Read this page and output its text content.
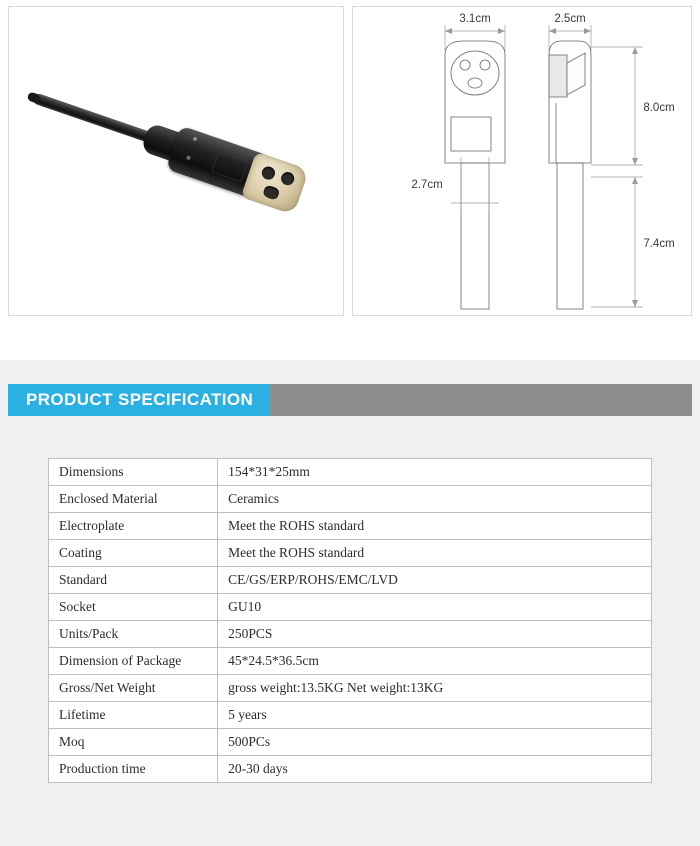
3.1cm	2.5cm
2.7cm
8.0cm
7.4cm
PRODUCT SPECIFICATION
Dimensions	154*31*25mm
Enclosed Material	Ceramics
Electroplate	Meet the ROHS standard
Coating	Meet the ROHS standard
Standard	CE/GS/ERP/ROHS/EMC/LVD
Socket	GU10
Units/Pack	250PCS
Dimension of Package	45*24.5*36.5cm
Gross/Net Weight	gross weight:13.5KG Net weight:13KG
Lifetime	5 years
Moq	500PCs
Production time	20-30 days
